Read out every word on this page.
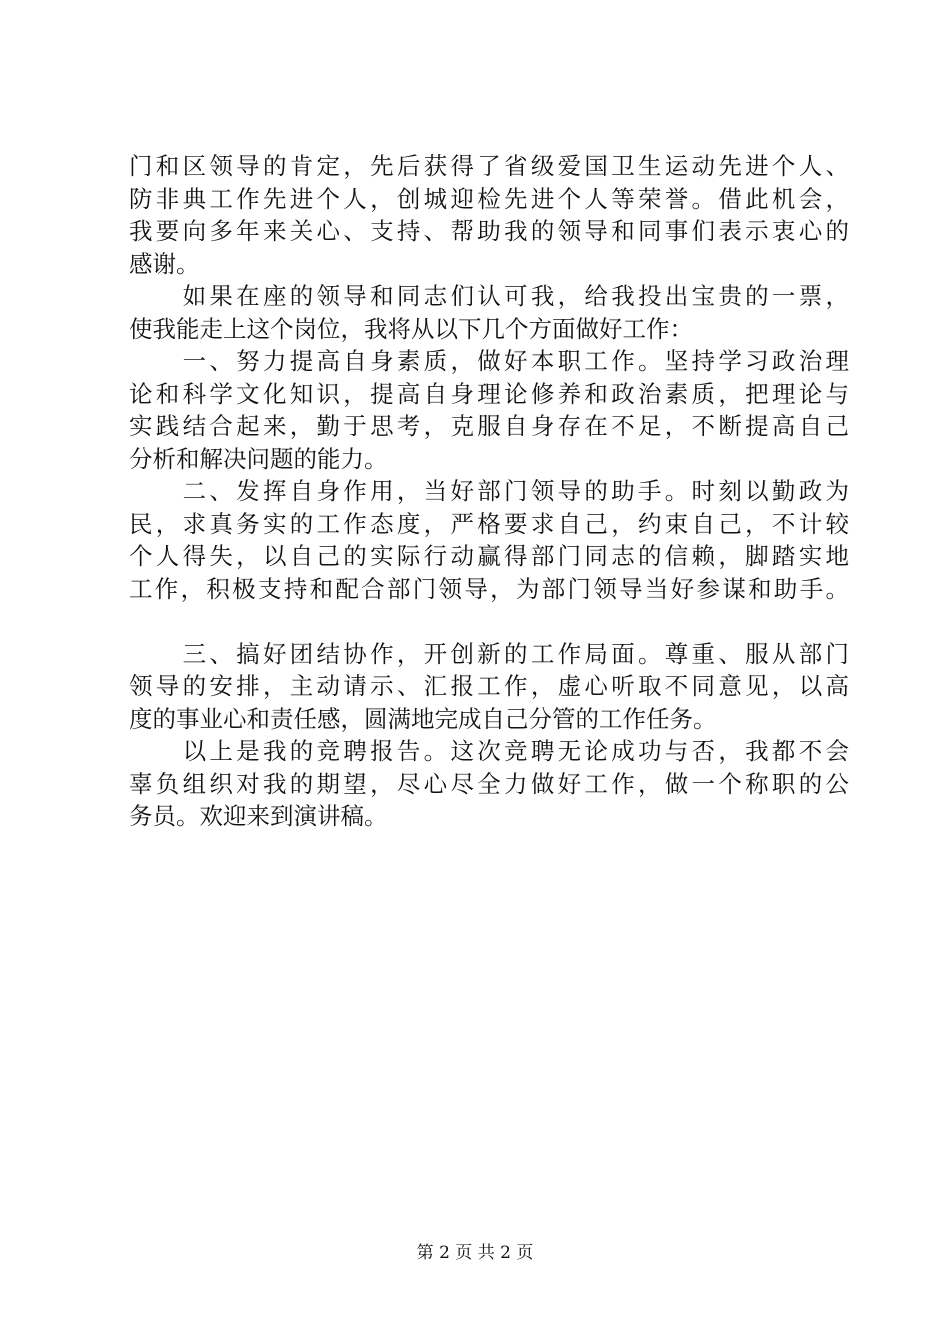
门和区领导的肯定，先后获得了省级爱国卫生运动先进个人、
防非典工作先进个人，创城迎检先进个人等荣誉。借此机会，
我要向多年来关心、支持、帮助我的领导和同事们表示衷心的
感谢。
　　如果在座的领导和同志们认可我，给我投出宝贵的一票，
使我能走上这个岗位，我将从以下几个方面做好工作：
　　一、努力提高自身素质，做好本职工作。坚持学习政治理
论和科学文化知识，提高自身理论修养和政治素质，把理论与
实践结合起来，勤于思考，克服自身存在不足，不断提高自己
分析和解决问题的能力。
　　二、发挥自身作用，当好部门领导的助手。时刻以勤政为
民，求真务实的工作态度，严格要求自己，约束自己，不计较
个人得失，以自己的实际行动赢得部门同志的信赖，脚踏实地
工作，积极支持和配合部门领导，为部门领导当好参谋和助手。
　　三、搞好团结协作，开创新的工作局面。尊重、服从部门
领导的安排，主动请示、汇报工作，虚心听取不同意见，以高
度的事业心和责任感，圆满地完成自己分管的工作任务。
　　以上是我的竞聘报告。这次竞聘无论成功与否，我都不会
辜负组织对我的期望，尽心尽全力做好工作，做一个称职的公
务员。欢迎来到演讲稿。
第 2 页 共 2 页
